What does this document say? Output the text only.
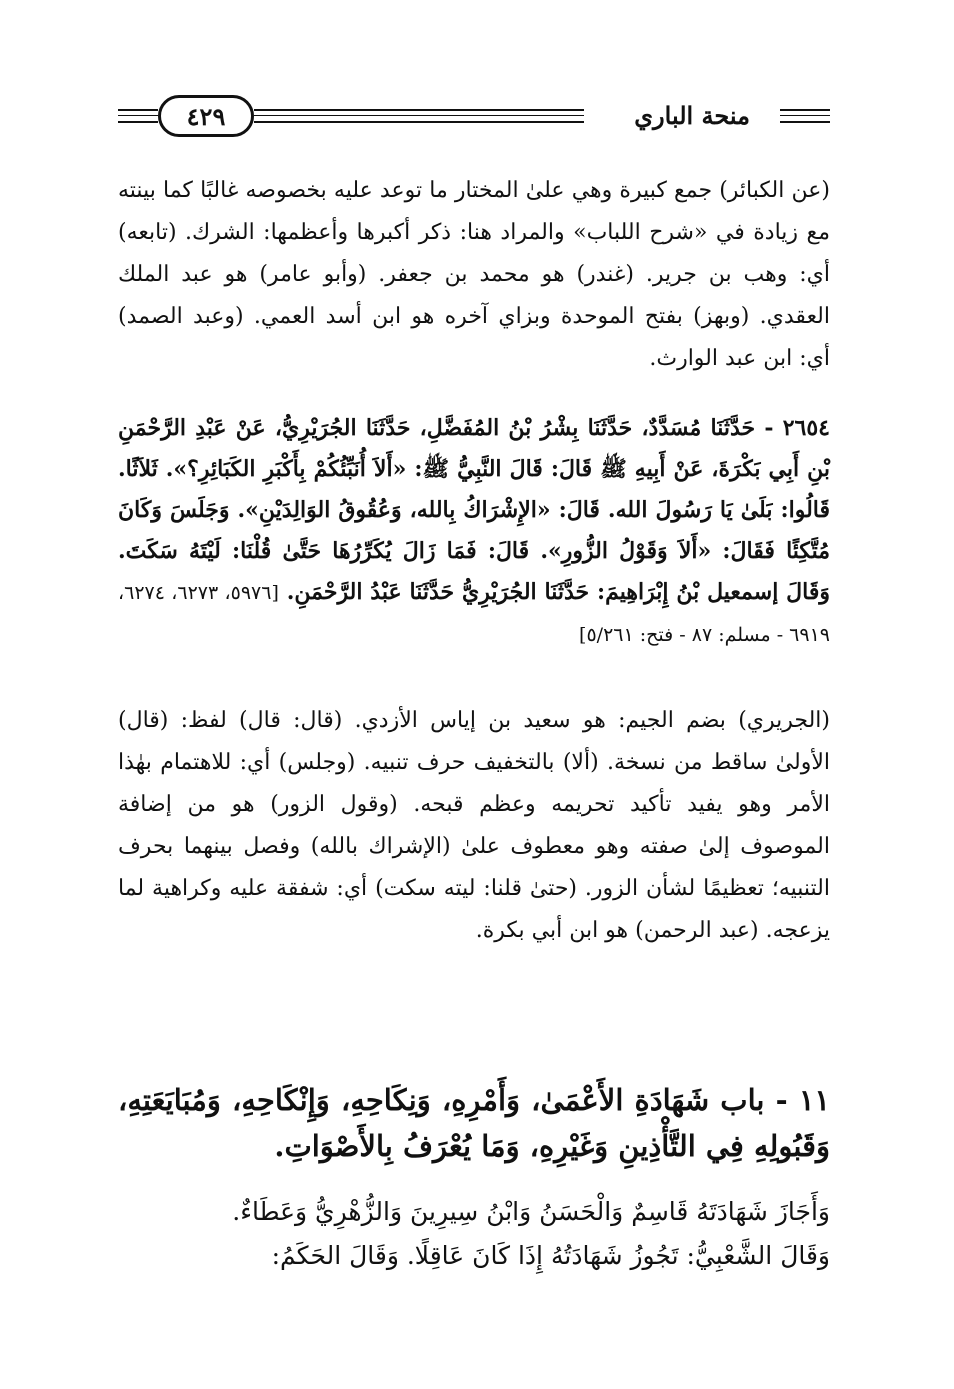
٤٢٩	منحة الباري
(عن الكبائر) جمع كبيرة وهي علىٰ المختار ما توعد عليه بخصوصه غالبًا كما بينته مع زيادة في «شرح اللباب» والمراد هنا: ذكر أكبرها وأعظمها: الشرك. (تابعه) أي: وهب بن جرير. (غندر) هو محمد بن جعفر. (وأبو عامر) هو عبد الملك العقدي. (وبهز) بفتح الموحدة وبزاي آخره هو ابن أسد العمي. (وعبد الصمد) أي: ابن عبد الوارث.
٢٦٥٤ - حَدَّثَنَا مُسَدَّدٌ، حَدَّثَنَا بِشْرُ بْنُ المُفَضَّلِ، حَدَّثَنَا الجُرَيْرِيُّ، عَنْ عَبْدِ الرَّحْمَنِ بْنِ أَبِي بَكْرَةَ، عَنْ أَبِيهِ ﷺ قَالَ: قَالَ النَّبِيُّ ﷺ: «أَلاَ أُنَبِّئُكُمْ بِأَكْبَرِ الكَبَائِرِ؟». ثَلاَثًا. قَالُوا: بَلَىٰ يَا رَسُولَ الله. قَالَ: «الإِشْرَاكُ بِالله، وَعُقُوقُ الوَالِدَيْنِ». وَجَلَسَ وَكَانَ مُتَّكِئًا فَقَالَ: «أَلاَ وَقَوْلُ الزُّورِ». قَالَ: فَمَا زَالَ يُكَرِّرُهَا حَتَّىٰ قُلْنَا: لَيْتَهُ سَكَتَ. وَقَالَ إسمعيل بْنُ إِبْرَاهِيمَ: حَدَّثَنَا الجُرَيْرِيُّ حَدَّثَنَا عَبْدُ الرَّحْمَنِ. [٥٩٧٦، ٦٢٧٣، ٦٢٧٤، ٦٩١٩ - مسلم: ٨٧ - فتح: ٥/٢٦١]
(الجريري) بضم الجيم: هو سعيد بن إياس الأزدي. (قال: قال) لفظ: (قال) الأولىٰ ساقط من نسخة. (ألا) بالتخفيف حرف تنبيه. (وجلس) أي: للاهتمام بهٰذا الأمر وهو يفيد تأكيد تحريمه وعظم قبحه. (وقول الزور) هو من إضافة الموصوف إلىٰ صفته وهو معطوف علىٰ (الإشراك بالله) وفصل بينهما بحرف التنبيه؛ تعظيمًا لشأن الزور. (حتىٰ قلنا: ليته سكت) أي: شفقة عليه وكراهية لما يزعجه. (عبد الرحمن) هو ابن أبي بكرة.
١١ - باب شَهَادَةِ الأَعْمَىٰ، وَأَمْرِهِ، وَنِكَاحِهِ، وَإِنْكَاحِهِ، وَمُبَايَعَتِهِ، وَقَبُولِهِ فِي التَّأْذِينِ وَغَيْرِهِ، وَمَا يُعْرَفُ بِالأَصْوَاتِ.
وَأَجَازَ شَهَادَتَهُ قَاسِمٌ وَالْحَسَنُ وَابْنُ سِيرِينَ وَالزُّهْرِيُّ وَعَطَاءٌ.
وَقَالَ الشَّعْبِيُّ: تَجُوزُ شَهَادَتُهُ إِذَا كَانَ عَاقِلًا. وَقَالَ الحَكَمُ:
